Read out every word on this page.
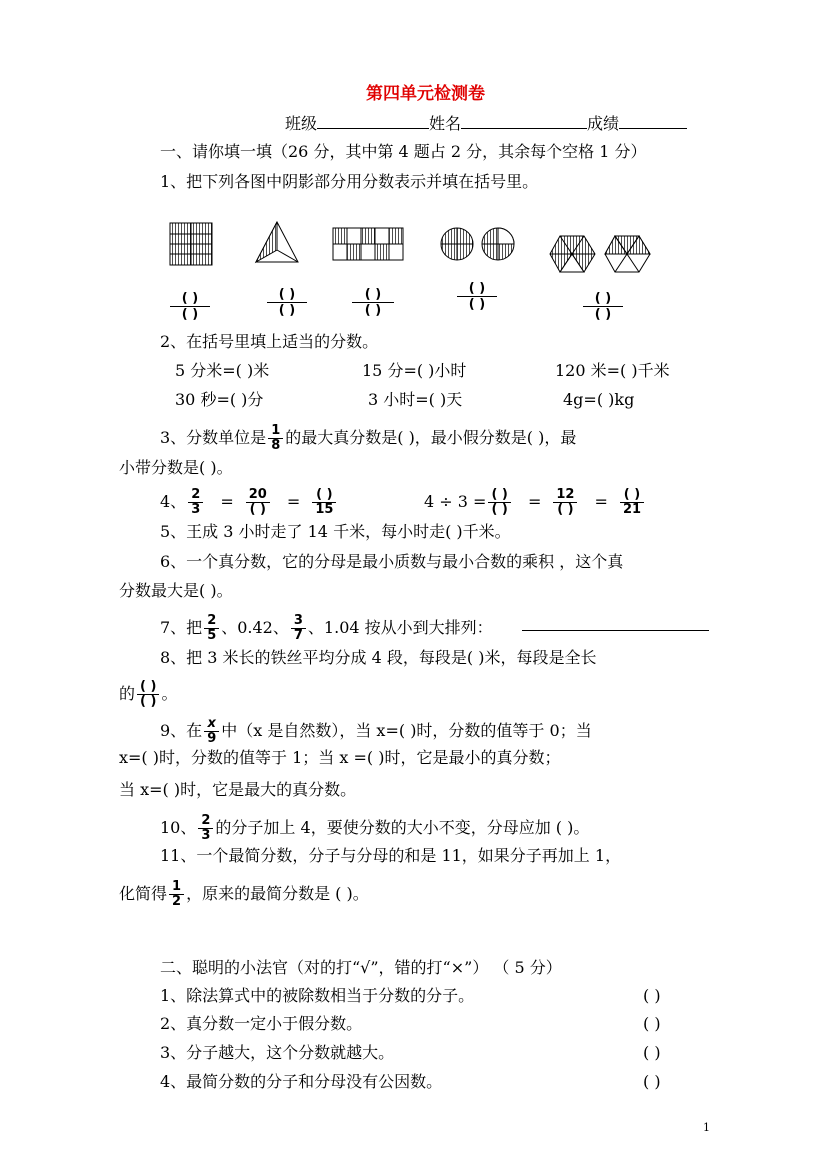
第四单元检测卷
班级	姓名	成绩
一、请你填一填（26 分，其中第 4 题占 2 分，其余每个空格 1 分）
1、把下列各图中阴影部分用分数表示并填在括号里。
( )
( )
( )
( )
( )
( )
( )
( )	( )
( )
2、在括号里填上适当的分数。
5 分米=( )米	15 分=( )小时	120 米=( )千米
30 秒=( )分	3 小时=( )天	4g=( )kg
3、分数单位是 $\frac{1}{8}$ 的最大真分数是( )，最小假分数是( )，最
小带分数是( )。
4、 $\frac{2}{3} = \frac{20}{( )} = \frac{( )}{15}$	$4 \div 3 = \frac{( )}{( )} = \frac{12}{( )} = \frac{( )}{21}$
5、王成 3 小时走了 14 千米，每小时走( )千米。
6、一个真分数，它的分母是最小质数与最小合数的乘积 ，这个真
分数最大是( )。
7、把 $\frac{2}{5}$ 、0.42、 $\frac{3}{7}$ 、1.04 按从小到大排列：
8、把 3 米长的铁丝平均分成 4 段，每段是( )米，每段是全长
的 $\frac{( )}{( )}$ 。
9、在 $\frac{x}{9}$ 中（x 是自然数），当 x=( )时，分数的值等于 0；当
x=( )时，分数的值等于 1；当 x =( )时，它是最小的真分数；
当 x=( )时，它是最大的真分数。
10、 $\frac{2}{3}$ 的分子加上 4，要使分数的大小不变，分母应加 ( )。
11、一个最简分数，分子与分母的和是 11，如果分子再加上 1，
化简得 $\frac{1}{2}$ ，原来的最简分数是 ( )。
二、聪明的小法官（对的打“√”，错的打“×”） （ 5 分）
1、除法算式中的被除数相当于分数的分子。	( )
2、真分数一定小于假分数。	( )
3、分子越大，这个分数就越大。	( )
4、最简分数的分子和分母没有公因数。	( )
1
